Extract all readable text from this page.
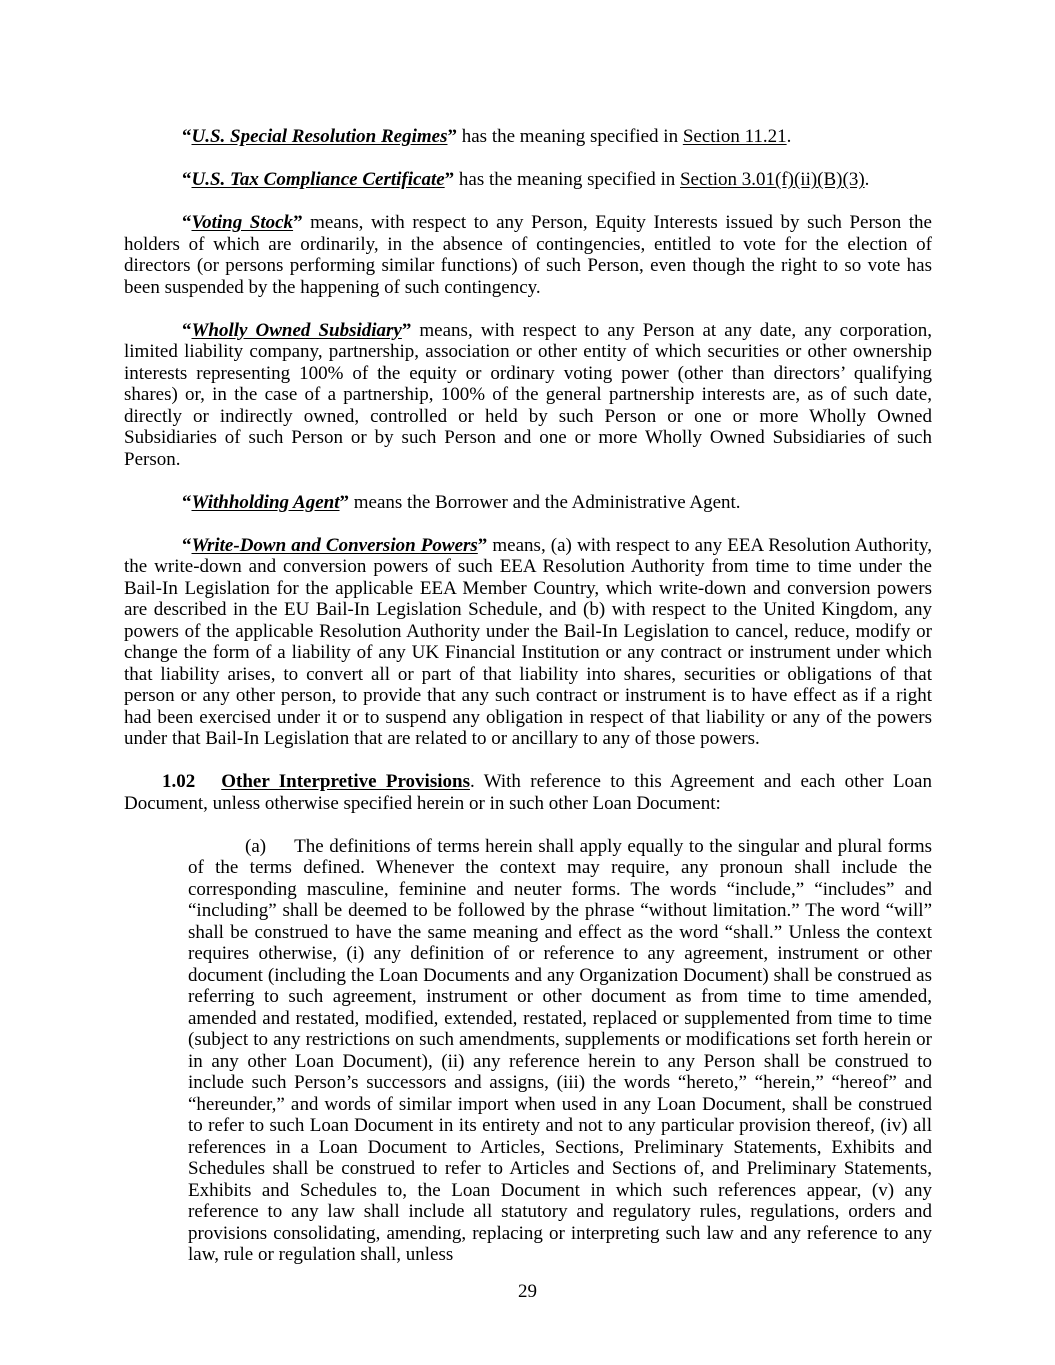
“U.S. Special Resolution Regimes” has the meaning specified in Section 11.21.

“U.S. Tax Compliance Certificate” has the meaning specified in Section 3.01(f)(ii)(B)(3).

“Voting Stock” means, with respect to any Person, Equity Interests issued by such Person the holders of which are ordinarily, in the absence of contingencies, entitled to vote for the election of directors (or persons performing similar functions) of such Person, even though the right to so vote has been suspended by the happening of such contingency.

“Wholly Owned Subsidiary” means, with respect to any Person at any date, any corporation, limited liability company, partnership, association or other entity of which securities or other ownership interests representing 100% of the equity or ordinary voting power (other than directors’ qualifying shares) or, in the case of a partnership, 100% of the general partnership interests are, as of such date, directly or indirectly owned, controlled or held by such Person or one or more Wholly Owned Subsidiaries of such Person or by such Person and one or more Wholly Owned Subsidiaries of such Person.

“Withholding Agent” means the Borrower and the Administrative Agent.

“Write-Down and Conversion Powers” means, (a) with respect to any EEA Resolution Authority, the write-down and conversion powers of such EEA Resolution Authority from time to time under the Bail-In Legislation for the applicable EEA Member Country, which write-down and conversion powers are described in the EU Bail-In Legislation Schedule, and (b) with respect to the United Kingdom, any powers of the applicable Resolution Authority under the Bail-In Legislation to cancel, reduce, modify or change the form of a liability of any UK Financial Institution or any contract or instrument under which that liability arises, to convert all or part of that liability into shares, securities or obligations of that person or any other person, to provide that any such contract or instrument is to have effect as if a right had been exercised under it or to suspend any obligation in respect of that liability or any of the powers under that Bail-In Legislation that are related to or ancillary to any of those powers.

1.02 Other Interpretive Provisions. With reference to this Agreement and each other Loan Document, unless otherwise specified herein or in such other Loan Document:

(a) The definitions of terms herein shall apply equally to the singular and plural forms of the terms defined. Whenever the context may require, any pronoun shall include the corresponding masculine, feminine and neuter forms. The words “include,” “includes” and “including” shall be deemed to be followed by the phrase “without limitation.” The word “will” shall be construed to have the same meaning and effect as the word “shall.” Unless the context requires otherwise, (i) any definition of or reference to any agreement, instrument or other document (including the Loan Documents and any Organization Document) shall be construed as referring to such agreement, instrument or other document as from time to time amended, amended and restated, modified, extended, restated, replaced or supplemented from time to time (subject to any restrictions on such amendments, supplements or modifications set forth herein or in any other Loan Document), (ii) any reference herein to any Person shall be construed to include such Person’s successors and assigns, (iii) the words “hereto,” “herein,” “hereof” and “hereunder,” and words of similar import when used in any Loan Document, shall be construed to refer to such Loan Document in its entirety and not to any particular provision thereof, (iv) all references in a Loan Document to Articles, Sections, Preliminary Statements, Exhibits and Schedules shall be construed to refer to Articles and Sections of, and Preliminary Statements, Exhibits and Schedules to, the Loan Document in which such references appear, (v) any reference to any law shall include all statutory and regulatory rules, regulations, orders and provisions consolidating, amending, replacing or interpreting such law and any reference to any law, rule or regulation shall, unless

29
